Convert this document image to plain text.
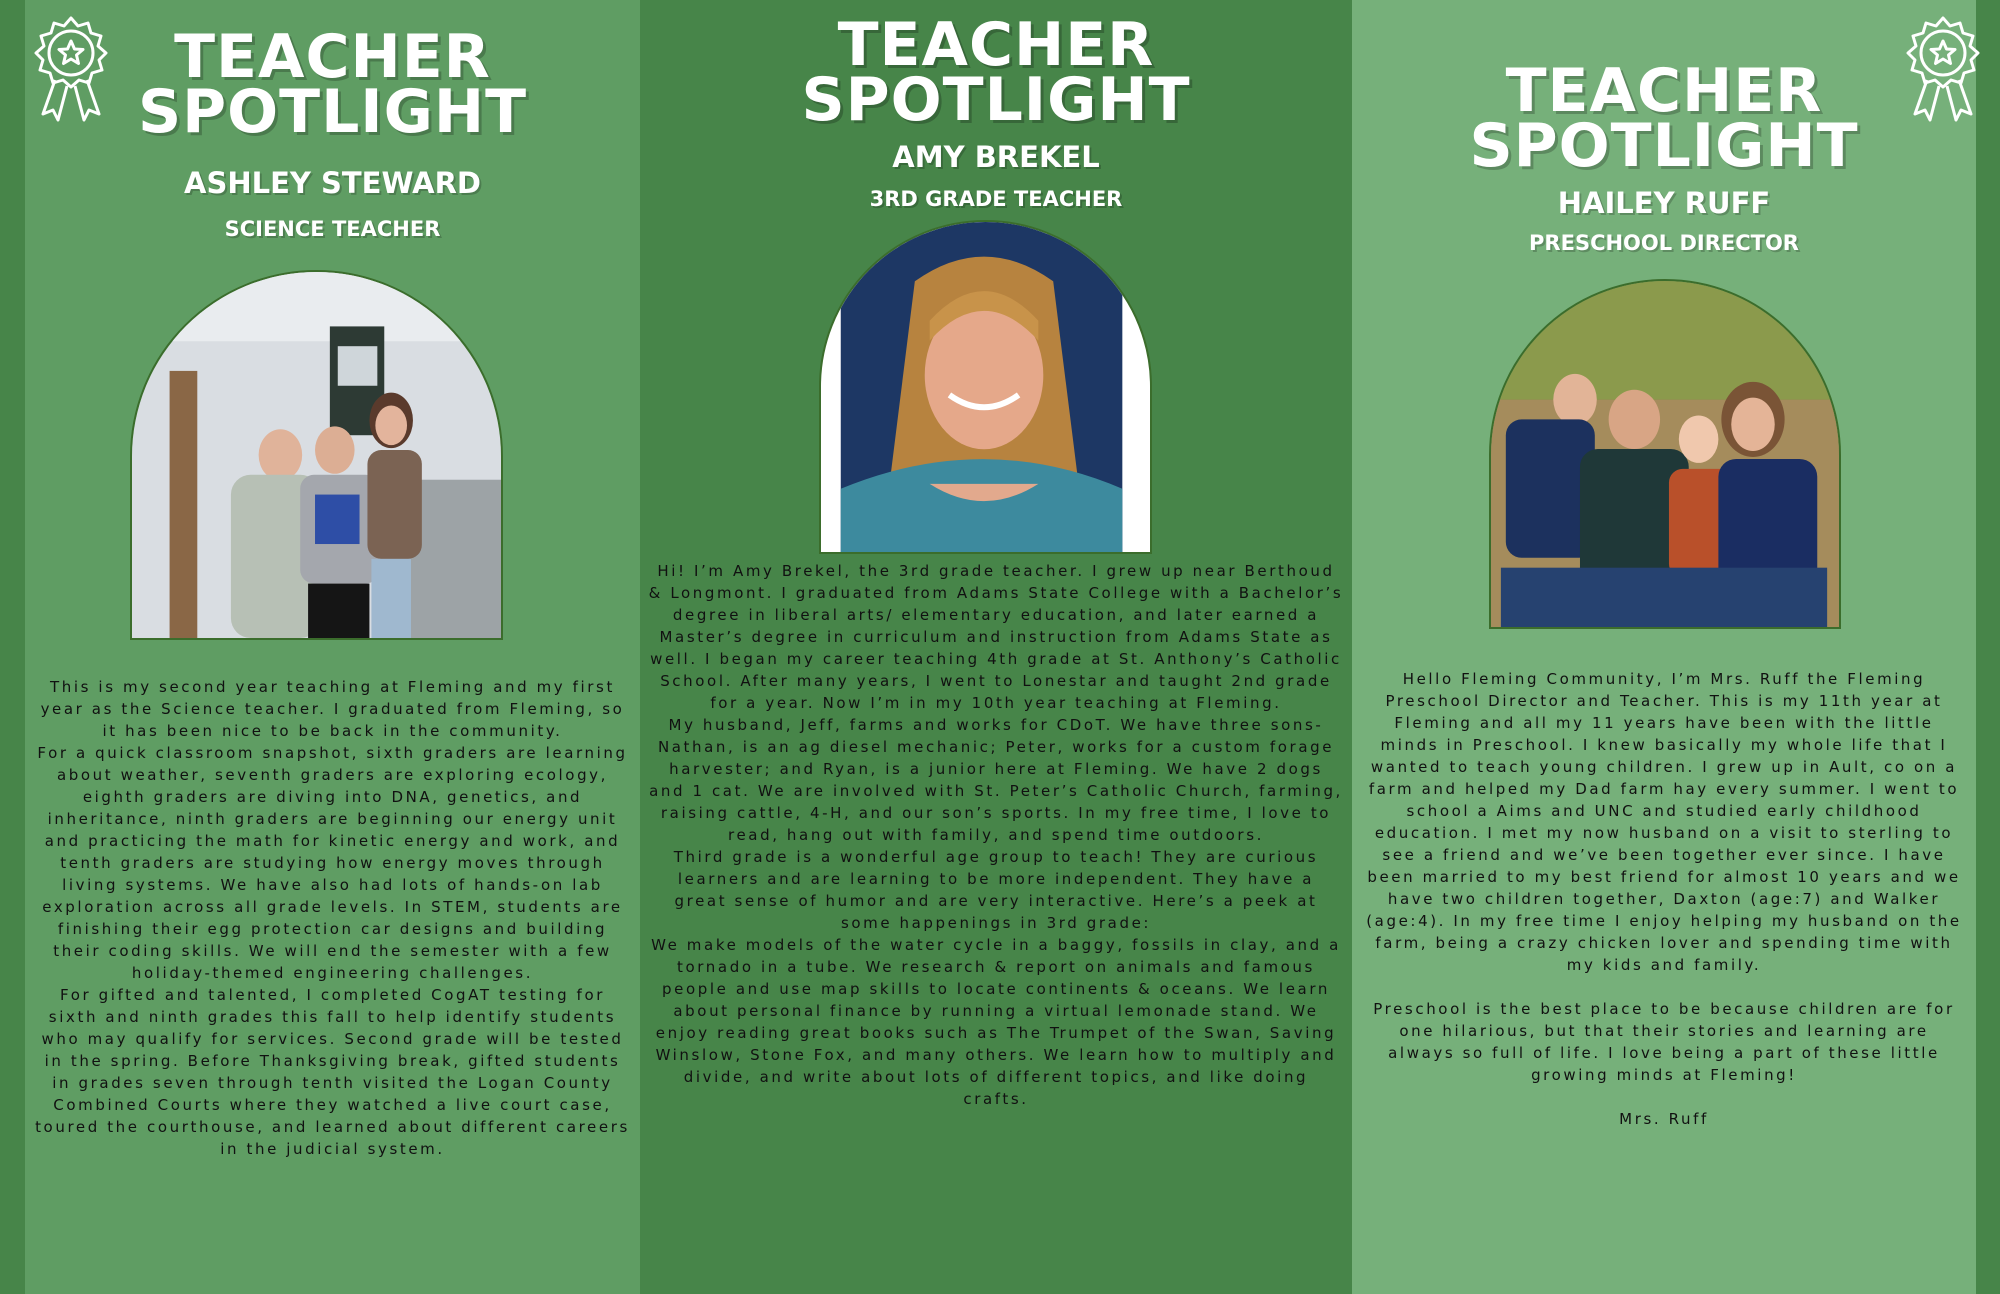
TEACHER
SPOTLIGHT
ASHLEY STEWARD
SCIENCE TEACHER

This is my second year teaching at Fleming and my first year as the Science teacher. I graduated from Fleming, so it has been nice to be back in the community.

For a quick classroom snapshot, sixth graders are learning about weather, seventh graders are exploring ecology, eighth graders are diving into DNA, genetics, and inheritance, ninth graders are beginning our energy unit and practicing the math for kinetic energy and work, and tenth graders are studying how energy moves through living systems. We have also had lots of hands-on lab exploration across all grade levels. In STEM, students are finishing their egg protection car designs and building their coding skills. We will end the semester with a few holiday-themed engineering challenges.

For gifted and talented, I completed CogAT testing for sixth and ninth grades this fall to help identify students who may qualify for services. Second grade will be tested in the spring. Before Thanksgiving break, gifted students in grades seven through tenth visited the Logan County Combined Courts where they watched a live court case, toured the courthouse, and learned about different careers in the judicial system.

TEACHER
SPOTLIGHT
AMY BREKEL
3RD GRADE TEACHER

Hi! I’m Amy Brekel, the 3rd grade teacher. I grew up near Berthoud & Longmont. I graduated from Adams State College with a Bachelor’s degree in liberal arts/ elementary education, and later earned a Master’s degree in curriculum and instruction from Adams State as well. I began my career teaching 4th grade at St. Anthony’s Catholic School. After many years, I went to Lonestar and taught 2nd grade for a year. Now I’m in my 10th year teaching at Fleming.

My husband, Jeff, farms and works for CDoT. We have three sons-Nathan, is an ag diesel mechanic; Peter, works for a custom forage harvester; and Ryan, is a junior here at Fleming. We have 2 dogs and 1 cat. We are involved with St. Peter’s Catholic Church, farming, raising cattle, 4-H, and our son’s sports. In my free time, I love to read, hang out with family, and spend time outdoors.

Third grade is a wonderful age group to teach! They are curious learners and are learning to be more independent. They have a great sense of humor and are very interactive. Here’s a peek at some happenings in 3rd grade:

We make models of the water cycle in a baggy, fossils in clay, and a tornado in a tube. We research & report on animals and famous people and use map skills to locate continents & oceans. We learn about personal finance by running a virtual lemonade stand. We enjoy reading great books such as The Trumpet of the Swan, Saving Winslow, Stone Fox, and many others. We learn how to multiply and divide, and write about lots of different topics, and like doing crafts.

TEACHER
SPOTLIGHT
HAILEY RUFF
PRESCHOOL DIRECTOR

Hello Fleming Community, I’m Mrs. Ruff the Fleming Preschool Director and Teacher. This is my 11th year at Fleming and all my 11 years have been with the little minds in Preschool. I knew basically my whole life that I wanted to teach young children. I grew up in Ault, co on a farm and helped my Dad farm hay every summer. I went to school a Aims and UNC and studied early childhood education. I met my now husband on a visit to sterling to see a friend and we’ve been together ever since. I have been married to my best friend for almost 10 years and we have two children together, Daxton (age:7) and Walker (age:4). In my free time I enjoy helping my husband on the farm, being a crazy chicken lover and spending time with my kids and family.

Preschool is the best place to be because children are for one hilarious, but that their stories and learning are always so full of life. I love being a part of these little growing minds at Fleming!

Mrs. Ruff
